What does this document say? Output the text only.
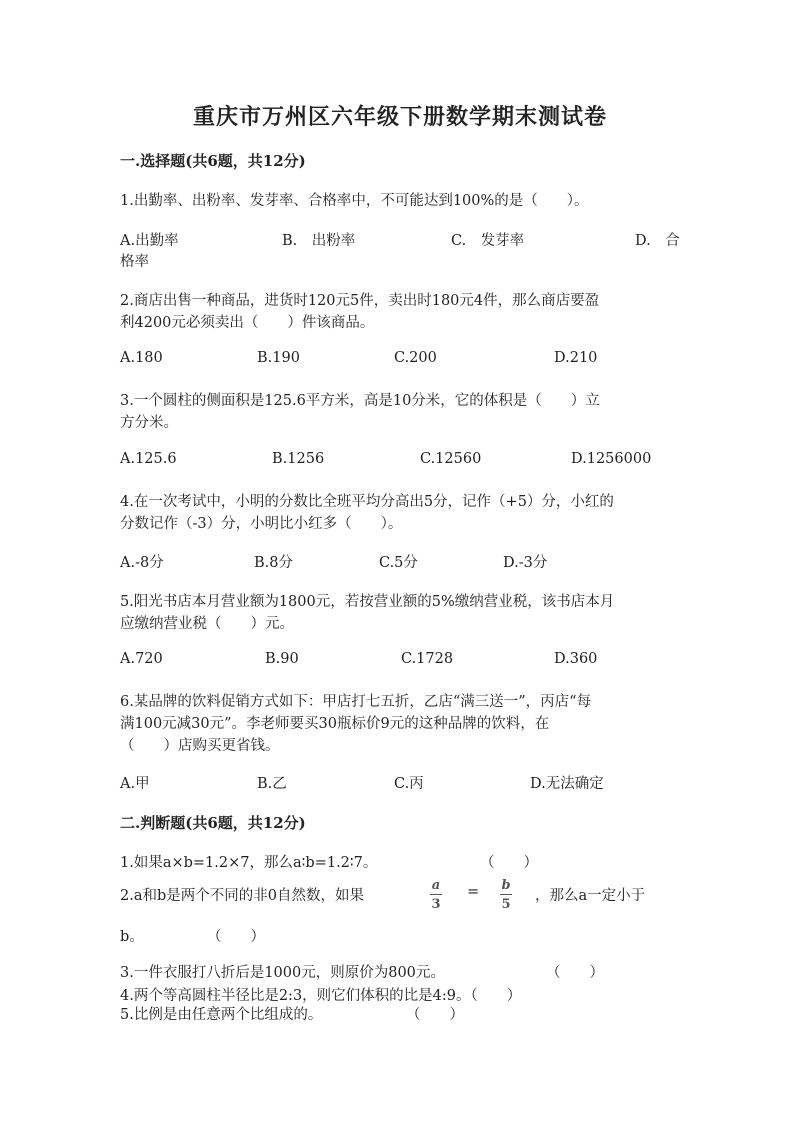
重庆市万州区六年级下册数学期末测试卷
一.选择题(共6题，共12分)
1.出勤率、出粉率、发芽率、合格率中，不可能达到100%的是（　　）。
A.出勤率	B.　出粉率	C.　发芽率	D.　合
格率
2.商店出售一种商品，进货时120元5件，卖出时180元4件，那么商店要盈
利4200元必须卖出（　　）件该商品。
A.180	B.190	C.200	D.210
3.一个圆柱的侧面积是125.6平方米，高是10分米，它的体积是（　　）立
方分米。
A.125.6	B.1256	C.12560	D.1256000
4.在一次考试中，小明的分数比全班平均分高出5分，记作（+5）分，小红的
分数记作（-3）分，小明比小红多（　　）。
A.-8分	B.8分	C.5分	D.-3分
5.阳光书店本月营业额为1800元，若按营业额的5%缴纳营业税，该书店本月
应缴纳营业税（　　）元。
A.720	B.90	C.1728	D.360
6.某品牌的饮料促销方式如下：甲店打七五折，乙店“满三送一”，丙店“每
满100元减30元”。李老师要买30瓶标价9元的这种品牌的饮料，在
（　　）店购买更省钱。
A.甲	B.乙	C.丙	D.无法确定
二.判断题(共6题，共12分)
1.如果a×b=1.2×7，那么a∶b=1.2∶7。	（　　）
2.a和b是两个不同的非0自然数，如果
a
3
= b
5
，那么a一定小于
b。	（　　）
3.一件衣服打八折后是1000元，则原价为800元。	（　　）
4.两个等高圆柱半径比是2:3，则它们体积的比是4:9。（　　）
5.比例是由任意两个比组成的。	（　　）
